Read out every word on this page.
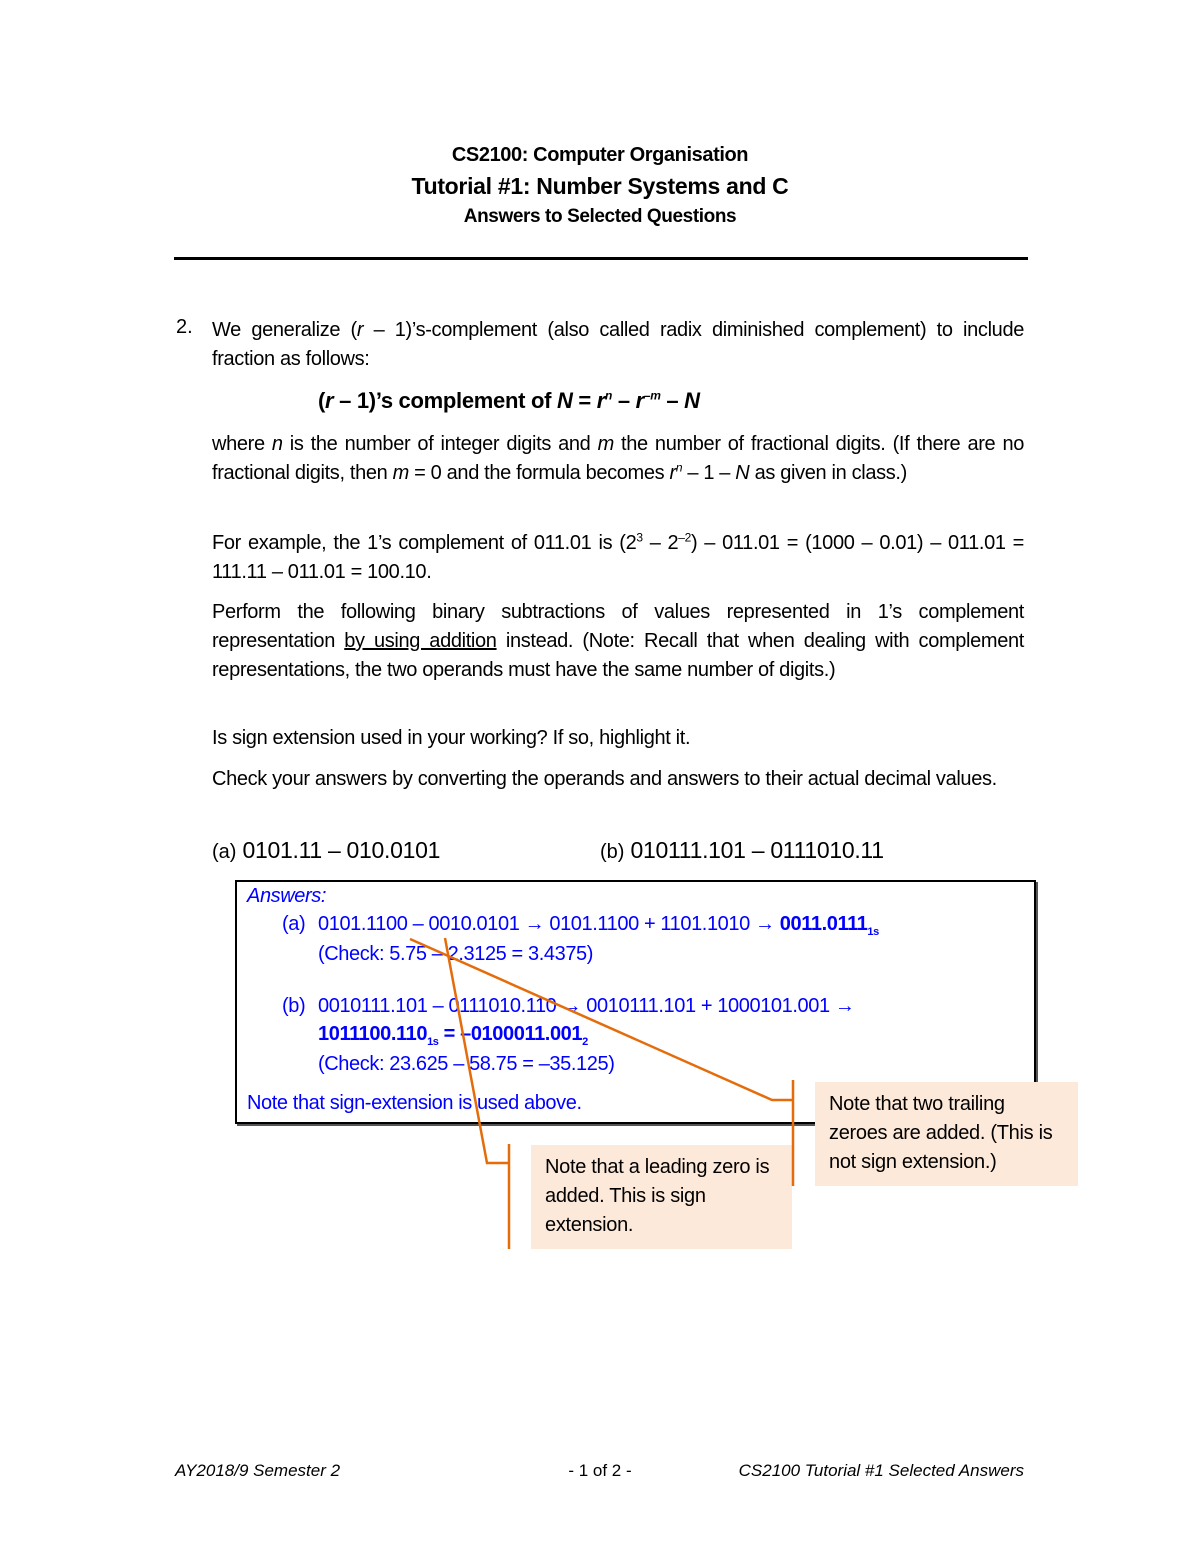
CS2100: Computer Organisation
Tutorial #1: Number Systems and C
Answers to Selected Questions
2. We generalize (r – 1)’s-complement (also called radix diminished complement) to include fraction as follows:
(r – 1)’s complement of $N = r^n - r^{-m} - N$
where n is the number of integer digits and m the number of fractional digits. (If there are no fractional digits, then m = 0 and the formula becomes $r^n - 1$ – N as given in class.)
For example, the 1’s complement of 011.01 is $(2^3 - 2^{-2}) - 011.01 = (1000 - 0.01) - 011.01 = 111.11 - 011.01 = 100.10$.
Perform the following binary subtractions of values represented in 1’s complement representation by using addition instead. (Note: Recall that when dealing with complement representations, the two operands must have the same number of digits.)
Is sign extension used in your working? If so, highlight it.
Check your answers by converting the operands and answers to their actual decimal values.
(a) 0101.11 – 010.0101	(b) 010111.101 – 0111010.11
Answers:
(a) $0101.1100 - 0010.0101 \to 0101.1100 + 1101.1010 \to 0011.0111_{1s}$
(Check: 5.75 – 2.3125 = 3.4375)
(b) 0010111.101 – 0111010.110 → 0010111.101 + 1000101.001 →
$1011100.110_{1s} = -0100011.001_2$
(Check: 23.625 – 58.75 = –35.125)
Note that sign-extension is used above.	Note that two trailing zeroes are added. (This is not sign extension.)
Note that a leading zero is added. This is sign extension.
AY2018/9 Semester 2	- 1 of 2 -	CS2100 Tutorial #1 Selected Answers
